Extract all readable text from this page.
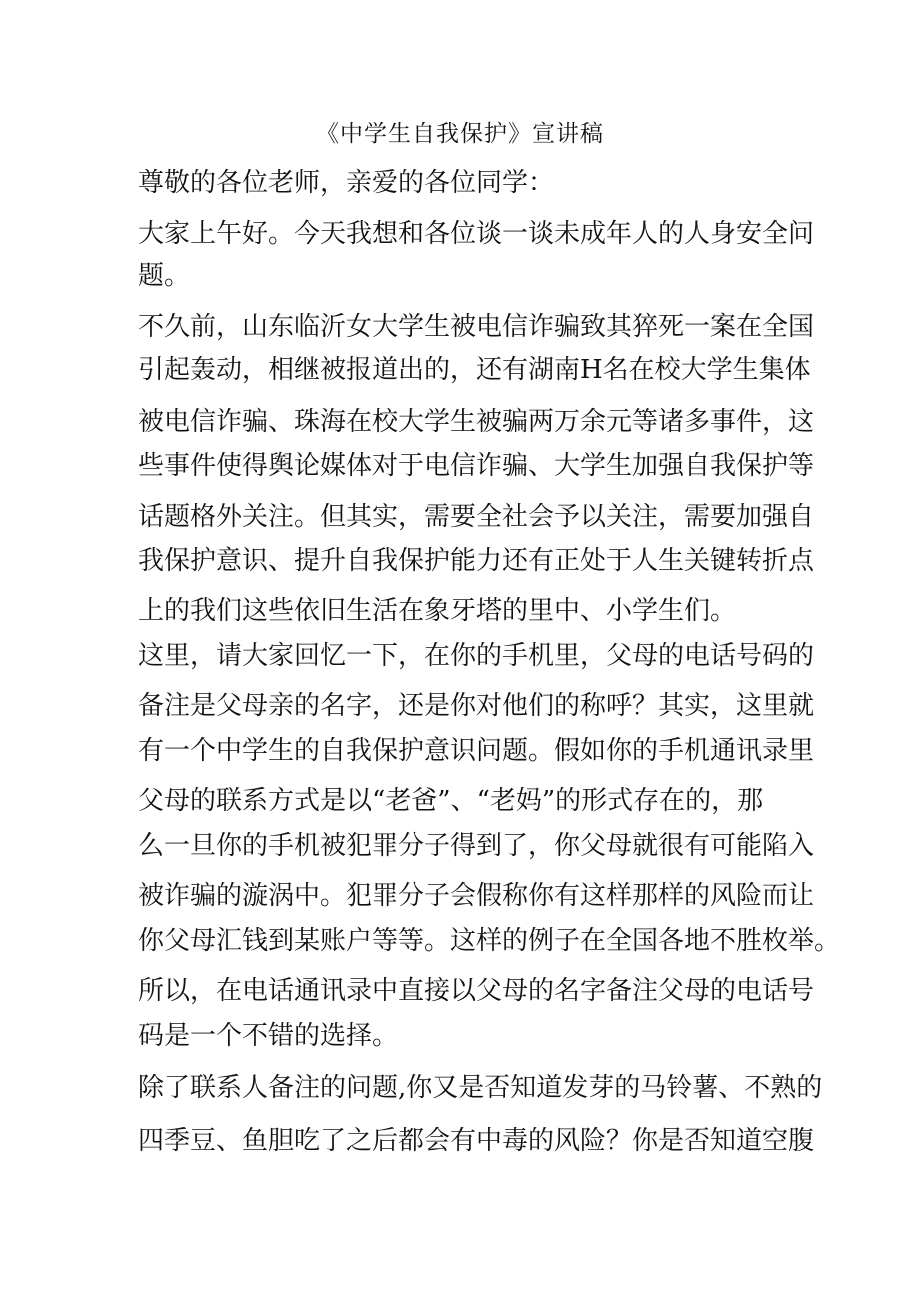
《中学生自我保护》宣讲稿

尊敬的各位老师，亲爱的各位同学：

大家上午好。今天我想和各位谈一谈未成年人的人身安全问

题。

不久前，山东临沂女大学生被电信诈骗致其猝死一案在全国

引起轰动，相继被报道出的，还有湖南H名在校大学生集体

被电信诈骗、珠海在校大学生被骗两万余元等诸多事件，这

些事件使得舆论媒体对于电信诈骗、大学生加强自我保护等

话题格外关注。但其实，需要全社会予以关注，需要加强自

我保护意识、提升自我保护能力还有正处于人生关键转折点

上的我们这些依旧生活在象牙塔的里中、小学生们。

这里，请大家回忆一下，在你的手机里，父母的电话号码的

备注是父母亲的名字，还是你对他们的称呼？其实，这里就

有一个中学生的自我保护意识问题。假如你的手机通讯录里

父母的联系方式是以“老爸”、“老妈”的形式存在的，那

么一旦你的手机被犯罪分子得到了，你父母就很有可能陷入

被诈骗的漩涡中。犯罪分子会假称你有这样那样的风险而让

你父母汇钱到某账户等等。这样的例子在全国各地不胜枚举。

所以，在电话通讯录中直接以父母的名字备注父母的电话号

码是一个不错的选择。

除了联系人备注的问题,你又是否知道发芽的马铃薯、不熟的

四季豆、鱼胆吃了之后都会有中毒的风险？你是否知道空腹
